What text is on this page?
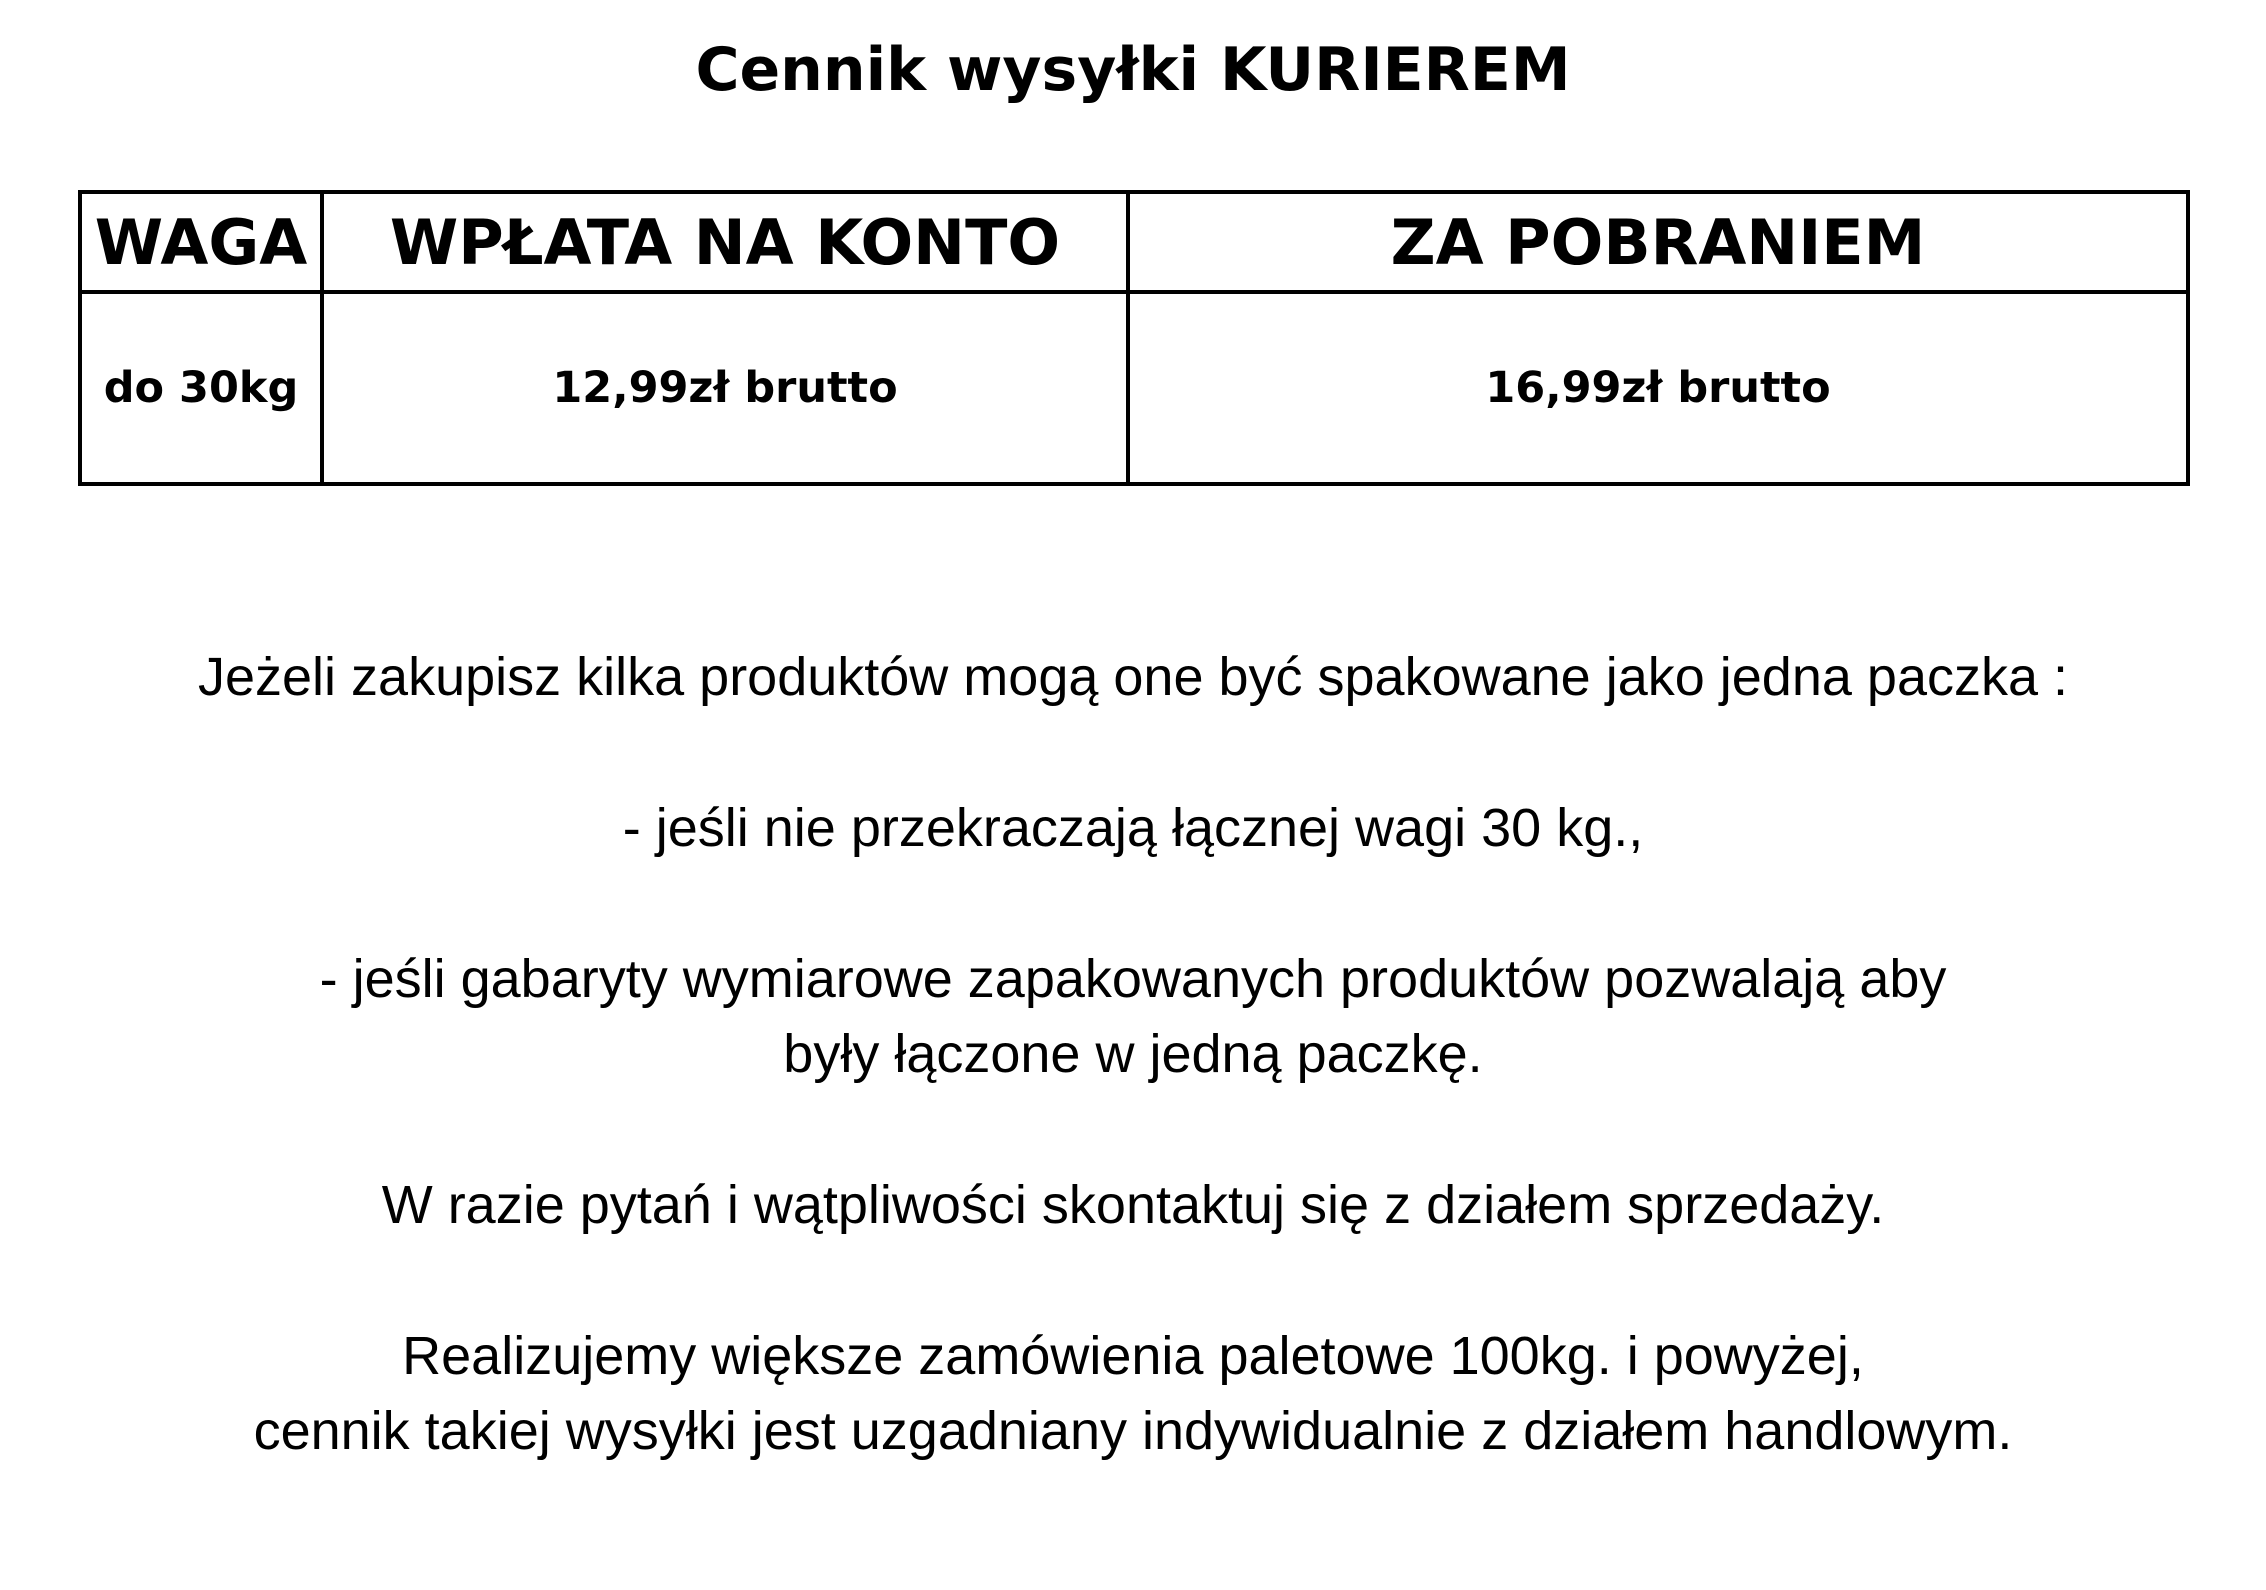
Cennik wysyłki KURIEREM
WAGA	WPŁATA NA KONTO	ZA POBRANIEM
do 30kg	12,99zł brutto	16,99zł brutto

Jeżeli zakupisz kilka produktów mogą one być spakowane jako jedna paczka :

- jeśli nie przekraczają łącznej wagi 30 kg.,

- jeśli gabaryty wymiarowe zapakowanych produktów pozwalają aby

były łączone w jedną paczkę.

W razie pytań i wątpliwości skontaktuj się z działem sprzedaży.

Realizujemy większe zamówienia paletowe 100kg. i powyżej,

cennik takiej wysyłki jest uzgadniany indywidualnie z działem handlowym.
